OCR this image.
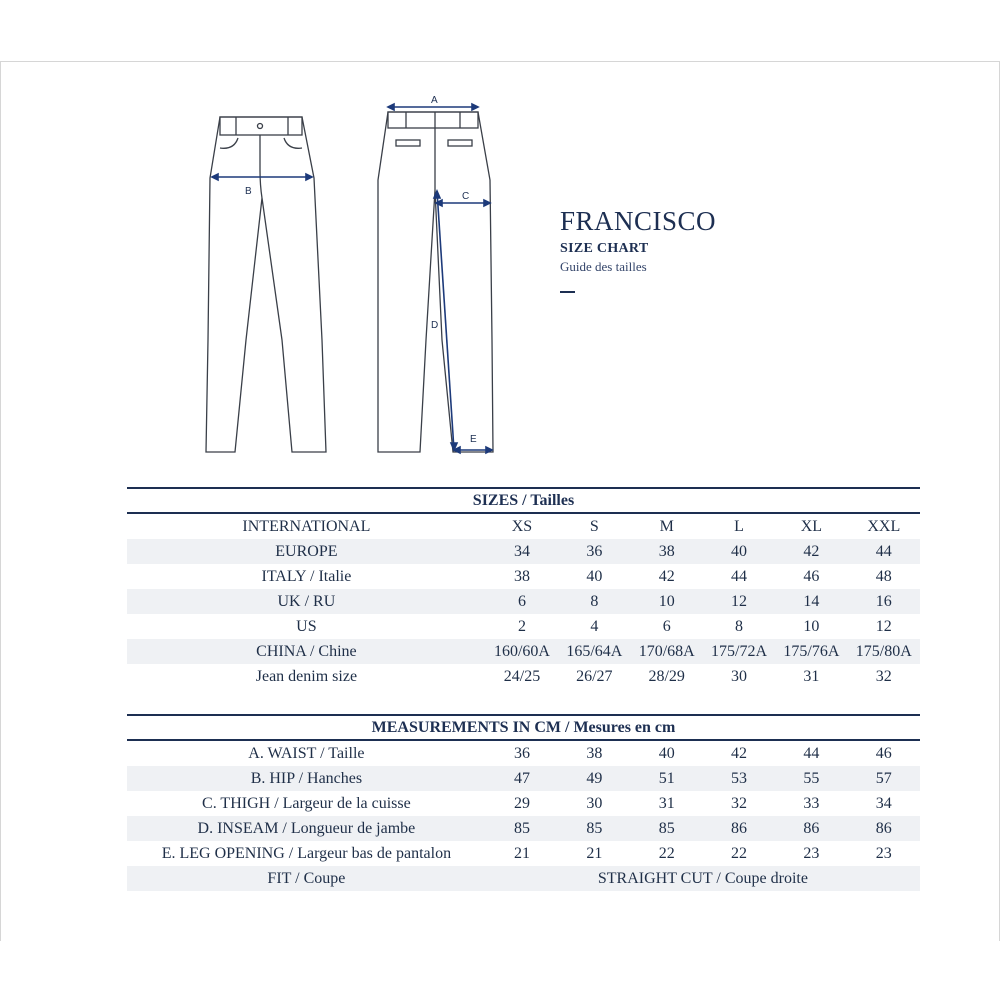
A
B	C
D
E
FRANCISCO
SIZE CHART
Guide des tailles
SIZES / Tailles						
INTERNATIONAL	XS	S	M	L	XL	XXL
EUROPE	34	36	38	40	42	44
ITALY / Italie	38	40	42	44	46	48
UK / RU	6	8	10	12	14	16
US	2	4	6	8	10	12
CHINA / Chine	160/60A	165/64A	170/68A	175/72A	175/76A	175/80A
Jean denim size	24/25	26/27	28/29	30	31	32
MEASUREMENTS IN CM / Mesures en cm						
A. WAIST / Taille	36	38	40	42	44	46
B. HIP / Hanches	47	49	51	53	55	57
C. THIGH / Largeur de la cuisse	29	30	31	32	33	34
D. INSEAM / Longueur de jambe	85	85	85	86	86	86
E. LEG OPENING / Largeur bas de pantalon	21	21	22	22	23	23
FIT / Coupe	STRAIGHT CUT / Coupe droite					
